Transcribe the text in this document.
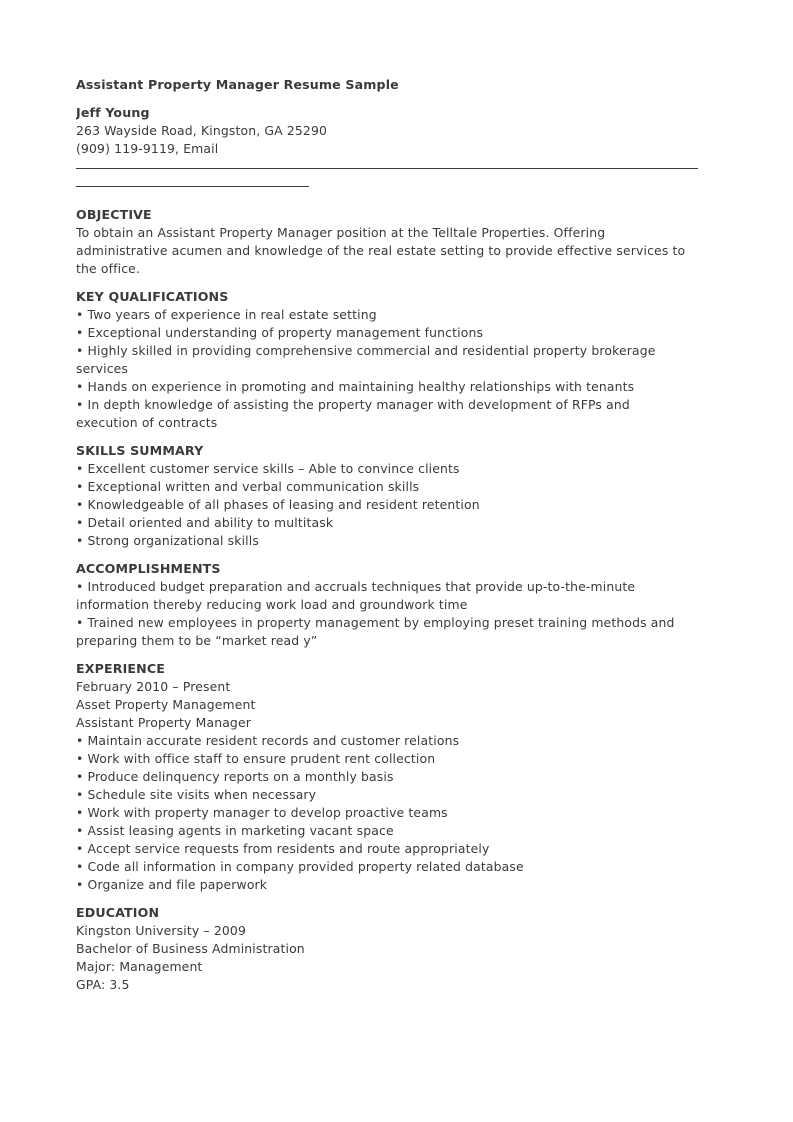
Assistant Property Manager Resume Sample
Jeff Young
263 Wayside Road, Kingston, GA 25290
(909) 119-9119, Email
OBJECTIVE
To obtain an Assistant Property Manager position at the Telltale Properties. Offering
administrative acumen and knowledge of the real estate setting to provide effective services to
the office.
KEY QUALIFICATIONS
• Two years of experience in real estate setting
• Exceptional understanding of property management functions
• Highly skilled in providing comprehensive commercial and residential property brokerage
services
• Hands on experience in promoting and maintaining healthy relationships with tenants
• In depth knowledge of assisting the property manager with development of RFPs and
execution of contracts
SKILLS SUMMARY
• Excellent customer service skills – Able to convince clients
• Exceptional written and verbal communication skills
• Knowledgeable of all phases of leasing and resident retention
• Detail oriented and ability to multitask
• Strong organizational skills
ACCOMPLISHMENTS
• Introduced budget preparation and accruals techniques that provide up-to-the-minute
information thereby reducing work load and groundwork time
• Trained new employees in property management by employing preset training methods and
preparing them to be “market read y”
EXPERIENCE
February 2010 – Present
Asset Property Management
Assistant Property Manager
• Maintain accurate resident records and customer relations
• Work with office staff to ensure prudent rent collection
• Produce delinquency reports on a monthly basis
• Schedule site visits when necessary
• Work with property manager to develop proactive teams
• Assist leasing agents in marketing vacant space
• Accept service requests from residents and route appropriately
• Code all information in company provided property related database
• Organize and file paperwork
EDUCATION
Kingston University – 2009
Bachelor of Business Administration
Major: Management
GPA: 3.5
